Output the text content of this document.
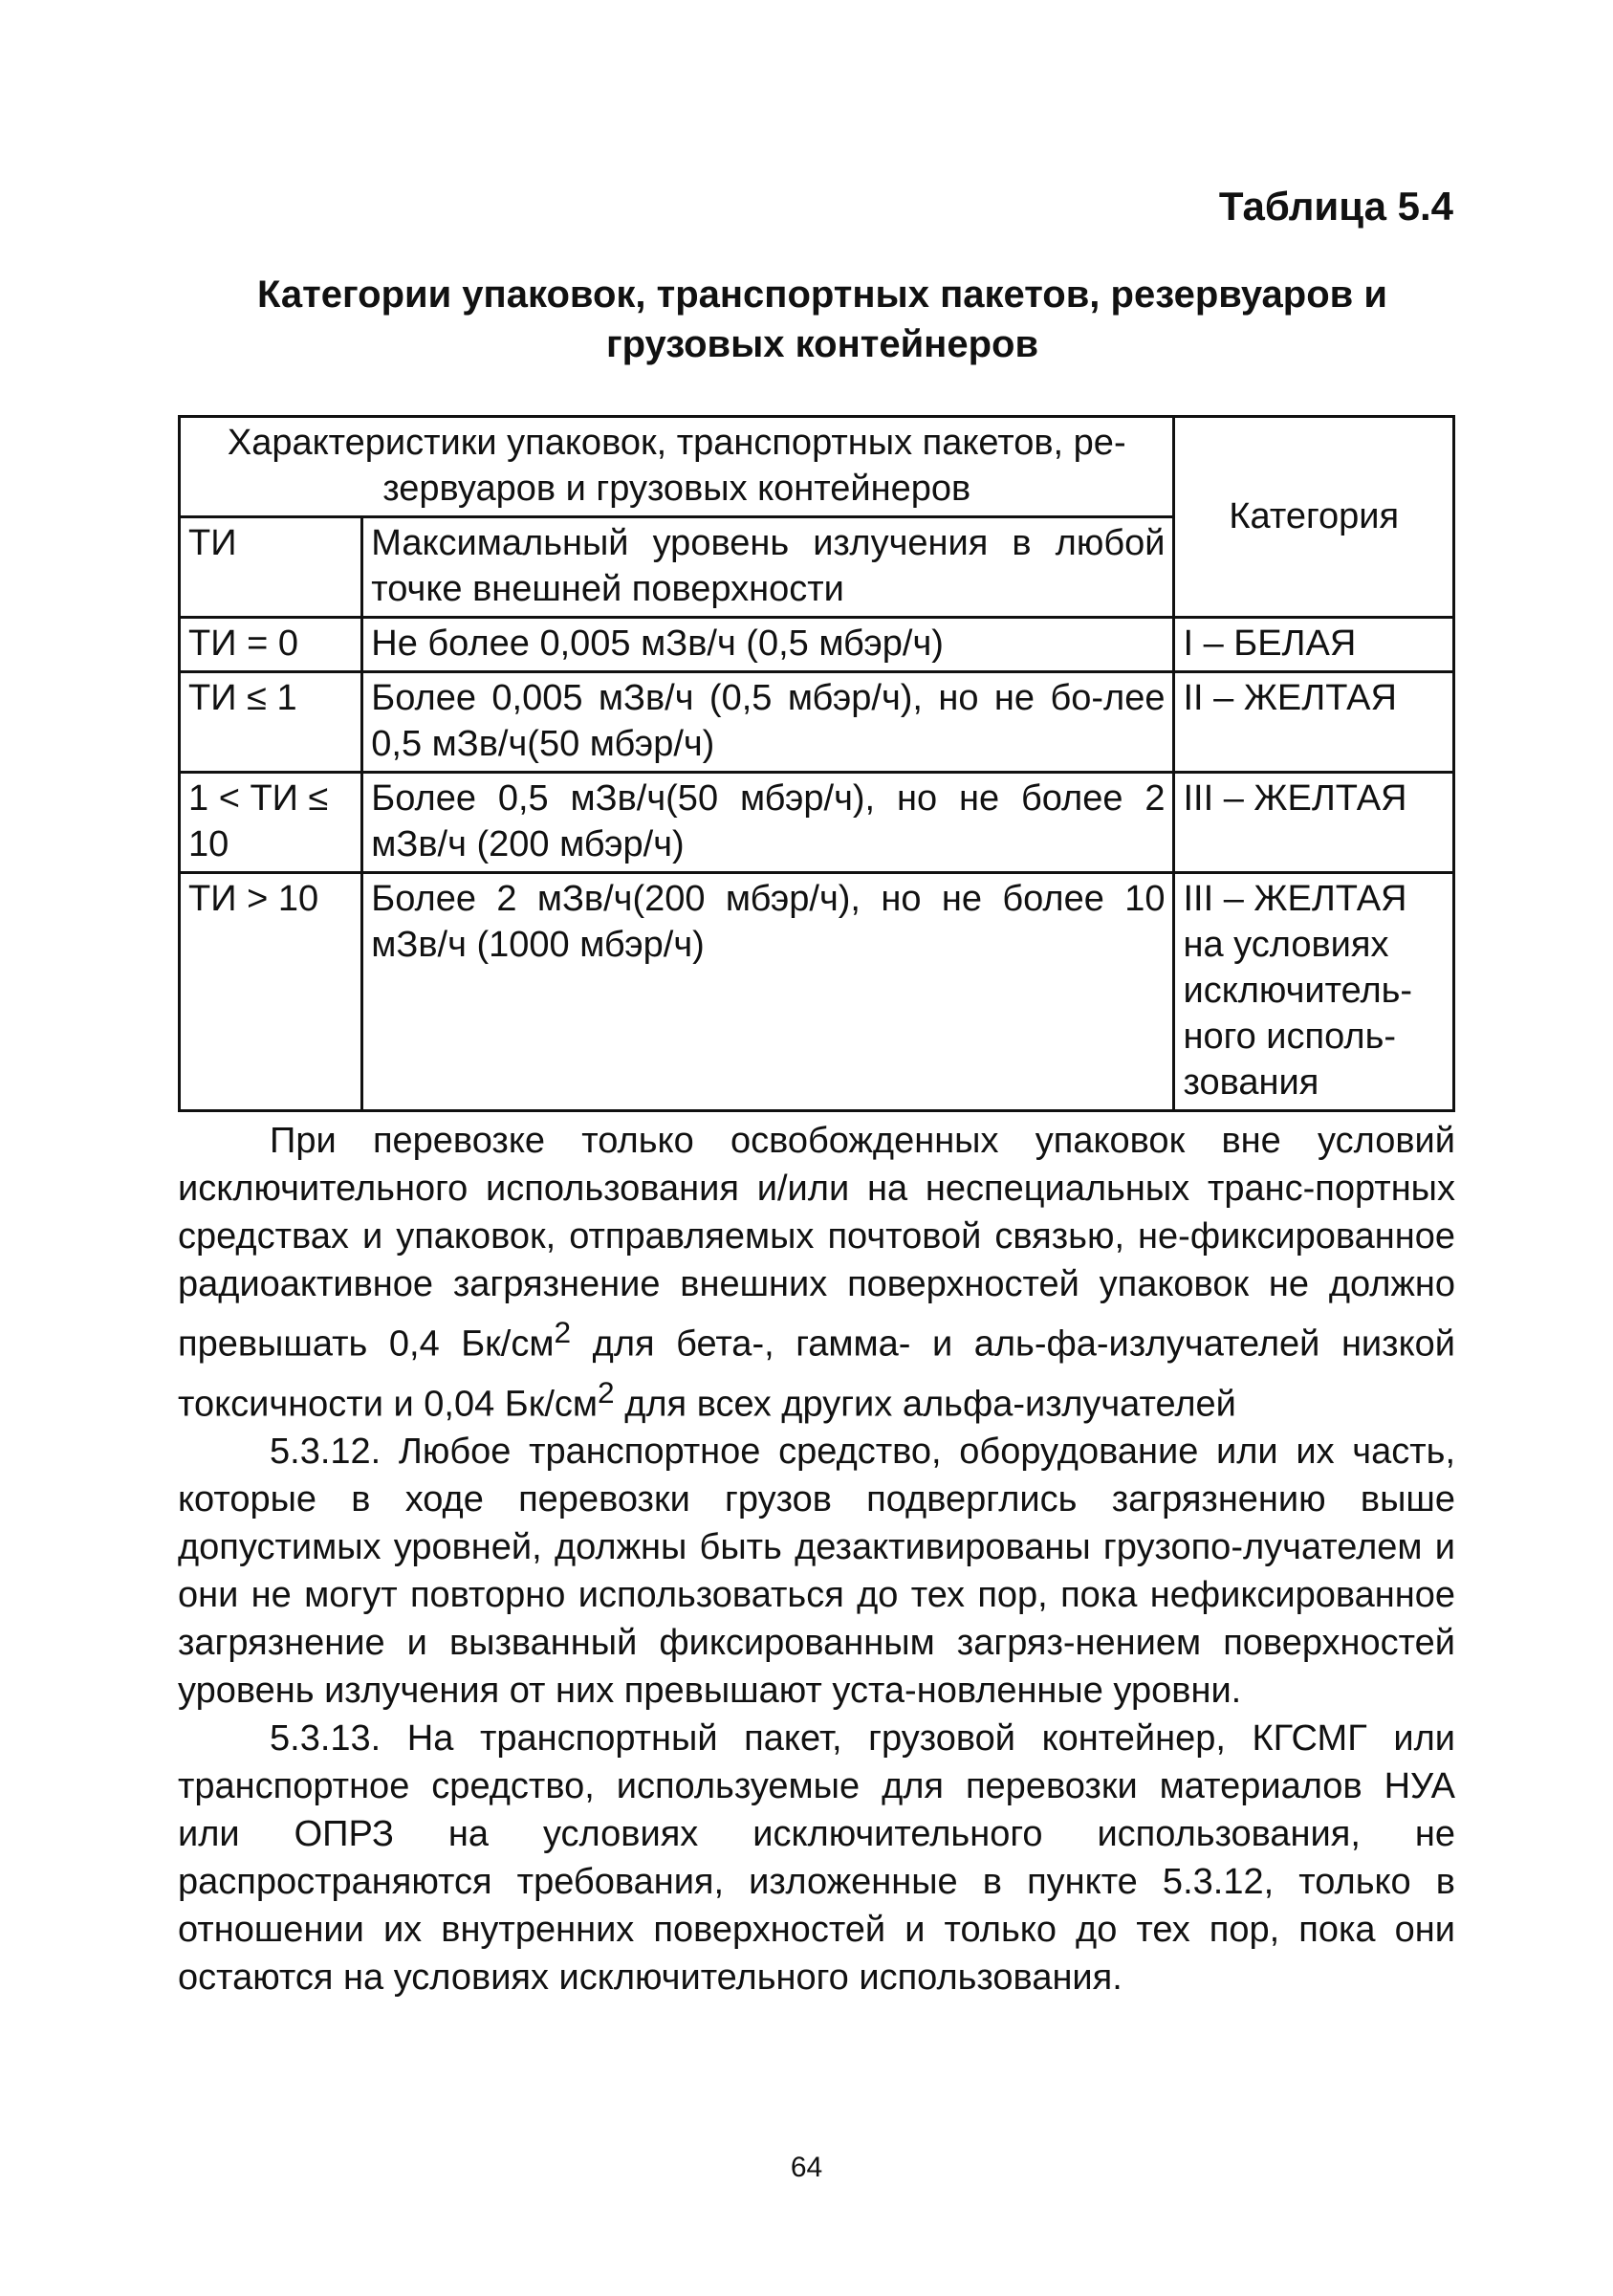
Таблица 5.4
Категории упаковок, транспортных пакетов, резервуаров и грузовых контейнеров
Характеристики упаковок, транспортных пакетов, ре-зервуаров и грузовых контейнеров		Категория
ТИ	Максимальный уровень излучения в любой точке внешней поверхности	
ТИ = 0	Не более 0,005 мЗв/ч (0,5 мбэр/ч)	I – БЕЛАЯ
ТИ ≤ 1	Более 0,005 мЗв/ч (0,5 мбэр/ч), но не бо-лее 0,5 мЗв/ч(50 мбэр/ч)	II – ЖЕЛТАЯ
1 < ТИ ≤ 10	Более 0,5 мЗв/ч(50 мбэр/ч), но не более 2 мЗв/ч (200 мбэр/ч)	III – ЖЕЛТАЯ
ТИ > 10	Более 2 мЗв/ч(200 мбэр/ч), но не более 10 мЗв/ч (1000 мбэр/ч)	III – ЖЕЛТАЯ на условиях исключитель-ного исполь-зования

При перевозке только освобожденных упаковок вне условий исключительного использования и/или на неспециальных транс-портных средствах и упаковок, отправляемых почтовой связью, не-фиксированное радиоактивное загрязнение внешних поверхностей упаковок не должно превышать 0,4 $Бк/см^2$ для бета-, гамма- и аль-фа-излучателей низкой токсичности и 0,04 $Бк/см^2$ для всех других альфа-излучателей

5.3.12. Любое транспортное средство, оборудование или их часть, которые в ходе перевозки грузов подверглись загрязнению выше допустимых уровней, должны быть дезактивированы грузопо-лучателем и они не могут повторно использоваться до тех пор, пока нефиксированное загрязнение и вызванный фиксированным загряз-нением поверхностей уровень излучения от них превышают уста-новленные уровни.

5.3.13. На транспортный пакет, грузовой контейнер, КГСМГ или транспортное средство, используемые для перевозки материалов НУА или ОПРЗ на условиях исключительного использования, не распространяются требования, изложенные в пункте 5.3.12, только в отношении их внутренних поверхностей и только до тех пор, пока они остаются на условиях исключительного использования.

64
